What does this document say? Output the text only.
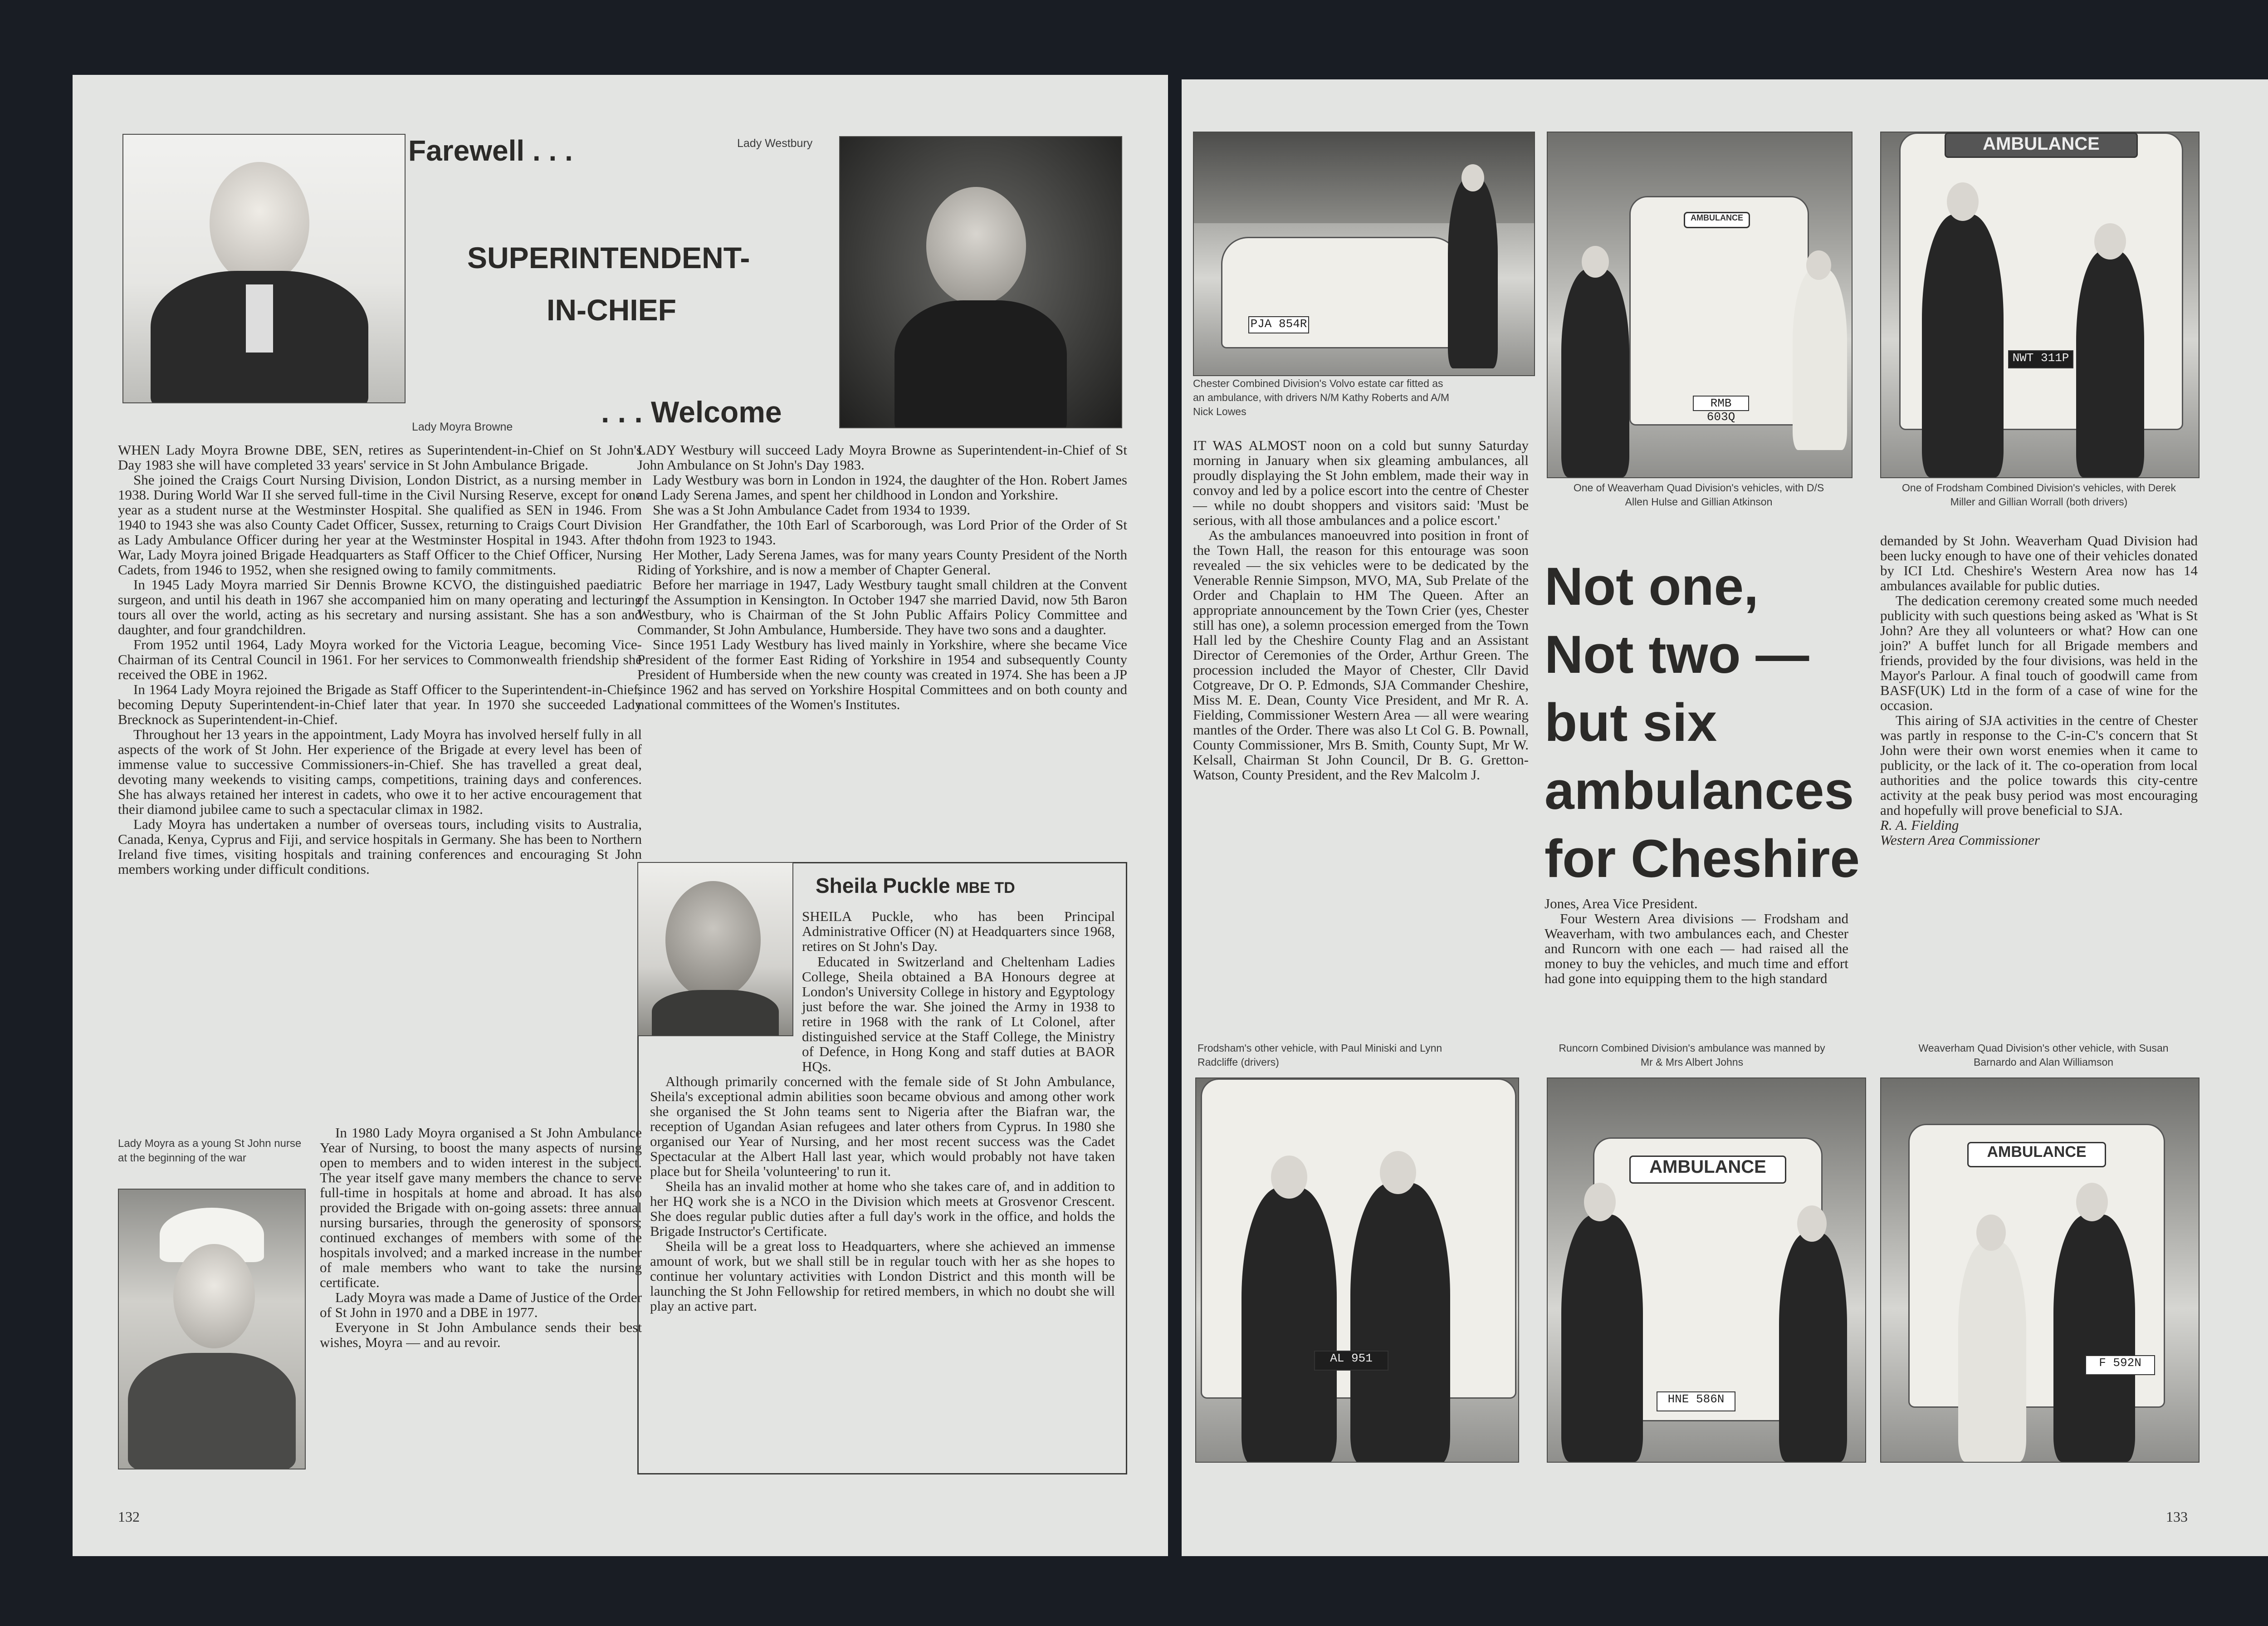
Lady Moyra Browne
Farewell . . .
SUPERINTENDENT-
IN-CHIEF
. . . Welcome
Lady Westbury

WHEN Lady Moyra Browne DBE, SEN, retires as Superintendent-in-Chief on St John's Day 1983 she will have completed 33 years' service in St John Ambulance Brigade.

She joined the Craigs Court Nursing Division, London District, as a nursing member in 1938. During World War II she served full-time in the Civil Nursing Reserve, except for one year as a student nurse at the Westminster Hospital. She qualified as SEN in 1946. From 1940 to 1943 she was also County Cadet Officer, Sussex, returning to Craigs Court Division as Lady Ambulance Officer during her year at the Westminster Hospital in 1943. After the War, Lady Moyra joined Brigade Headquarters as Staff Officer to the Chief Officer, Nursing Cadets, from 1946 to 1952, when she resigned owing to family commitments.

In 1945 Lady Moyra married Sir Dennis Browne KCVO, the distinguished paediatric surgeon, and until his death in 1967 she accompanied him on many operating and lecturing tours all over the world, acting as his secretary and nursing assistant. She has a son and daughter, and four grandchildren.

From 1952 until 1964, Lady Moyra worked for the Victoria League, becoming Vice-Chairman of its Central Council in 1961. For her services to Commonwealth friendship she received the OBE in 1962.

In 1964 Lady Moyra rejoined the Brigade as Staff Officer to the Superintendent-in-Chief, becoming Deputy Superintendent-in-Chief later that year. In 1970 she succeeded Lady Brecknock as Superintendent-in-Chief.

Throughout her 13 years in the appointment, Lady Moyra has involved herself fully in all aspects of the work of St John. Her experience of the Brigade at every level has been of immense value to successive Commissioners-in-Chief. She has travelled a great deal, devoting many weekends to visiting camps, competitions, training days and conferences. She has always retained her interest in cadets, who owe it to her active encouragement that their diamond jubilee came to such a spectacular climax in 1982.

Lady Moyra has undertaken a number of overseas tours, including visits to Australia, Canada, Kenya, Cyprus and Fiji, and service hospitals in Germany. She has been to Northern Ireland five times, visiting hospitals and training conferences and encouraging St John members working under difficult conditions.

Lady Moyra as a young St John nurse at the beginning of the war

In 1980 Lady Moyra organised a St John Ambulance Year of Nursing, to boost the many aspects of nursing open to members and to widen interest in the subject. The year itself gave many members the chance to serve full-time in hospitals at home and abroad. It has also provided the Brigade with on-going assets: three annual nursing bursaries, through the generosity of sponsors; continued exchanges of members with some of the hospitals involved; and a marked increase in the number of male members who want to take the nursing certificate.

Lady Moyra was made a Dame of Justice of the Order of St John in 1970 and a DBE in 1977.

Everyone in St John Ambulance sends their best wishes, Moyra — and au revoir.

LADY Westbury will succeed Lady Moyra Browne as Superintendent-in-Chief of St John Ambulance on St John's Day 1983.

Lady Westbury was born in London in 1924, the daughter of the Hon. Robert James and Lady Serena James, and spent her childhood in London and Yorkshire.

She was a St John Ambulance Cadet from 1934 to 1939.

Her Grandfather, the 10th Earl of Scarborough, was Lord Prior of the Order of St John from 1923 to 1943.

Her Mother, Lady Serena James, was for many years County President of the North Riding of Yorkshire, and is now a member of Chapter General.

Before her marriage in 1947, Lady Westbury taught small children at the Convent of the Assumption in Kensington. In October 1947 she married David, now 5th Baron Westbury, who is Chairman of the St John Public Affairs Policy Committee and Commander, St John Ambulance, Humberside. They have two sons and a daughter.

Since 1951 Lady Westbury has lived mainly in Yorkshire, where she became Vice President of the former East Riding of Yorkshire in 1954 and subsequently County President of Humberside when the new county was created in 1974. She has been a JP since 1962 and has served on Yorkshire Hospital Committees and on both county and national committees of the Women's Institutes.

Sheila Puckle MBE TD

SHEILA Puckle, who has been Principal Administrative Officer (N) at Headquarters since 1968, retires on St John's Day.

Educated in Switzerland and Cheltenham Ladies College, Sheila obtained a BA Honours degree at London's University College in history and Egyptology just before the war. She joined the Army in 1938 to retire in 1968 with the rank of Lt Colonel, after distinguished service at the Staff College, the Ministry of Defence, in Hong Kong and staff duties at BAOR HQs.

Although primarily concerned with the female side of St John Ambulance, Sheila's exceptional admin abilities soon became obvious and among other work she organised the St John teams sent to Nigeria after the Biafran war, the reception of Ugandan Asian refugees and later others from Cyprus. In 1980 she organised our Year of Nursing, and her most recent success was the Cadet Spectacular at the Albert Hall last year, which would probably not have taken place but for Sheila 'volunteering' to run it.

Sheila has an invalid mother at home who she takes care of, and in addition to her HQ work she is a NCO in the Division which meets at Grosvenor Crescent. She does regular public duties after a full day's work in the office, and holds the Brigade Instructor's Certificate.

Sheila will be a great loss to Headquarters, where she achieved an immense amount of work, but we shall still be in regular touch with her as she hopes to continue her voluntary activities with London District and this month will be launching the St John Fellowship for retired members, in which no doubt she will play an active part.

132
PJA 854R
Chester Combined Division's Volvo estate car fitted as an ambulance, with drivers N/M Kathy Roberts and A/M Nick Lowes
AMBULANCE
RMB 603Q
One of Weaverham Quad Division's vehicles, with D/S Allen Hulse and Gillian Atkinson
AMBULANCE
NWT 311P
One of Frodsham Combined Division's vehicles, with Derek Miller and Gillian Worrall (both drivers)

IT WAS ALMOST noon on a cold but sunny Saturday morning in January when six gleaming ambulances, all proudly displaying the St John emblem, made their way in convoy and led by a police escort into the centre of Chester — while no doubt shoppers and visitors said: 'Must be serious, with all those ambulances and a police escort.'

As the ambulances manoeuvred into position in front of the Town Hall, the reason for this entourage was soon revealed — the six vehicles were to be dedicated by the Venerable Rennie Simpson, MVO, MA, Sub Prelate of the Order and Chaplain to HM The Queen. After an appropriate announcement by the Town Crier (yes, Chester still has one), a solemn procession emerged from the Town Hall led by the Cheshire County Flag and an Assistant Director of Ceremonies of the Order, Arthur Green. The procession included the Mayor of Chester, Cllr David Cotgreave, Dr O. P. Edmonds, SJA Commander Cheshire, Miss M. E. Dean, County Vice President, and Mr R. A. Fielding, Commissioner Western Area — all were wearing mantles of the Order. There was also Lt Col G. B. Pownall, County Commissioner, Mrs B. Smith, County Supt, Mr W. Kelsall, Chairman St John Council, Dr B. G. Gretton-Watson, County President, and the Rev Malcolm J.

Not one,
Not two —
but six
ambulances
for Cheshire

Jones, Area Vice President.

Four Western Area divisions — Frodsham and Weaverham, with two ambulances each, and Chester and Runcorn with one each — had raised all the money to buy the vehicles, and much time and effort had gone into equipping them to the high standard

demanded by St John. Weaverham Quad Division had been lucky enough to have one of their vehicles donated by ICI Ltd. Cheshire's Western Area now has 14 ambulances available for public duties.

The dedication ceremony created some much needed publicity with such questions being asked as 'What is St John? Are they all volunteers or what? How can one join?' A buffet lunch for all Brigade members and friends, provided by the four divisions, was held in the Mayor's Parlour. A final touch of goodwill came from BASF(UK) Ltd in the form of a case of wine for the occasion.

This airing of SJA activities in the centre of Chester was partly in response to the C-in-C's concern that St John were their own worst enemies when it came to publicity, or the lack of it. The co-operation from local authorities and the police towards this city-centre activity at the peak busy period was most encouraging and hopefully will prove beneficial to SJA.

R. A. Fielding

Western Area Commissioner

Frodsham's other vehicle, with Paul Miniski and Lynn Radcliffe (drivers)
AL 951
Runcorn Combined Division's ambulance was manned by Mr & Mrs Albert Johns
AMBULANCE
HNE 586N
Weaverham Quad Division's other vehicle, with Susan Barnardo and Alan Williamson
AMBULANCE
F 592N
133
